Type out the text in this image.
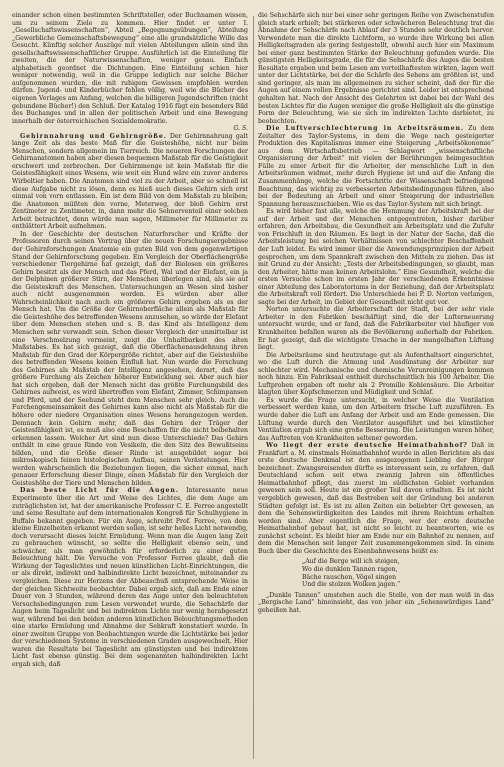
einander schon einen bestimmten Schriftsteller, oder Buchnamen wissen, um zu seinem Ziele zu kommen. Hier findet er unter I. „Gesellschaftswissenschaften“, Abteil „Begegnungsübungen“, Abteilung „Gewerbliche Gemeinschaftsbewegung“ eine alle grundsätzliche Wille das Gesucht. Künftig solcher Auszüge mit vielen Abteilungen allein sind ihn gesellschaftswissenschaftlicher Gruppe. Ausführlich ist die Einteilung für zweiten, die der Naturwissenschaften, weniger genau. Einfach alphabetisch geordnet die Dichtungen. Eine Einteilung schien hier weniger notwendig, weil in die Gruppe lediglich nur solche Bücher aufgenommen wurden, die mit ruhigem Gewissen empfohlen werden dürfen. Jugend- und Kinderbücher fehlen völlig, weil wie die Bücher des eigenen Verlages am Anfang, welchen die billigeren Jugendschriften (nicht gebundene Bücher!) den Schluß. Der Katalog 1916 fügt ein besonders Bild des Buchanges und in allen der politischen Arbeit und eine Bewegung innerhalb der österreichischen Sozialdemokratie.

G. S.

Gehirnnahrung und Gehirngröße. Der Gehirnnahrung galt lange Zeit als das beste Maß für die Geisteshöhe, nicht nur beim Menschen, sondern allgemein im Tierreich. Die neueren Forschungen der Gehirnanatomen haben aber diesen bequemen Maßstab für die Geistigkeit erschwert und zerbrochen. Der Gehirnmenge ist kein Maßstab für die Geistesfähigkeit eines Wesens, wie weit ein Hund wäre ein zuvor anderes Wirbeltier haben. Die Anatomen sind viel zu der Arbeit, aber so schnell ist diese Aufgabe nicht zu lösen, denn es hieß auch dieses Gehirn sich erst einmal von vorn entlassen. Ein ist dem Bild von dem Maßstab zu bleiben; die Anatomen müßten den vorne, Meterweg, der bloß Gehirn erst Zentimeter zu Zentimeter, in, dann mehr die Sehnerventeil einer solchen Arbeit betrachtet, denn würde man sagen, Millimeter für Millimeter zu entblättert Arbeit aufnehmen.

In der Geschichte der deutschen Naturforscher und Kräfte der Professoren durch seinen Vortrag über die neuen Forschungsergebnisse der Gehirnforschungen Anatomie ein guten Bild von dem gegenwärtigen Stand der Gehirnforschung gegeben. Ein Vergleich der Oberflächengröße verschiedener Tiergehirne hat gezeigt, daß der Biolosen ein größeres Gehirn besitzt als der Mensch und das Pferd, Wal und der Elefant, ein ja der Delphinen größerer Stirn, der Menschen überlegen sind, als sie auf die Geisteskraft des Menschen. Untersuchungen an Wesen sind bisher auch nicht ausgenommen worden. Es würden aber aller Wahrscheinlichkeit nach auch ein größeres Gehirn ergeben als es der Mensch hat. Um die Größe der Gehirnoberfläche allein als Maßstab für die Geisteshöhe des betreffenden Wesens anzusehen, so würde der Elefant über dem Menschen stehen und s. B. das Kind als Intelligenz dem Menschen sehr verwandt sein. Schon dieser Vergleich der unmittelbar ist eine Verschmelzung vermeint, zeigt die Unhaltbarkeit des alten Maßstabes. Es hat sich gezeigt, daß die Oberflächenausdehnung ihren Maßstab für den Grad der Körpergröße richtet, aber auf die Geisteshöhe des betreffenden Wesens keinen Einfluß hat. Nun wurde die Forschung des Gehirnes als Maßstab der Intelligenz angesehen, derart, daß das größere Furchung als Zeichen höherer Entwicklung sei. Aber auch hier hat sich ergeben, daß der Mensch nicht das größte Furchungsbild des Gehirnes aufweist, es wird übertroffen vom Elefant, Zimmer, Schimpansen und Pferd, und der Seehund steht dem Menschen sehr gleich. Auch die Furchengemeinsamkeit des Gehirnes kann also nicht als Maßstab für die höhere oder niedere Organisation eines Wesens herangezogen werden. Demnach kein Gehirn mehr, daß das Gehirn der Träger der Geistesfähigkeit ist, es muß also eine Beschaffen für die nicht beibehalten erkennen lassen. Welcher Art sind nun diese Unterschiede? Das Gehirn enthält in eine graue Rinde von Vesikeln, die den Sitz des Bewußtseins bilden, und die Größe dieser Rinde ist ausgebildet sogar bei mikroskopisch feinen histologischen Aufbau, seinen Verästelungen. Hier werden wahrscheinlich die Beziehungen liegen, die sicher einmal, nach genauer Erforschung dieser Dinge, einen Maßstab für den Vergleich der Geisteshöhe der Tiere und Menschen bilden.

Das beste Licht für die Augen. Interessante neue Experimente über die Art und Weise des Lichtes, die dem Auge am zuträglichsten ist, hat der amerikanische Professor C. E. Ferree angestellt und seine Resultate auf dem internationalen Kongreß für Schulhygiene in Buffalo bekannt gegeben. Für ein Auge, schreibt Prof. Ferree, von dem kleine Einzelheiten erkannt werden sollen, ist sehr helles Licht notwendig, doch verursacht dieses leicht Ermüdung. Wenn man die Augen lang Zeit zu gebrauchen wünscht, so sollte die Helligkeit ebenso sein, und schwächer, als man gewöhnlich für erforderlich zu einer guten Beleuchtung hält. Die Versuche von Professor Ferree glaubt, daß die Wirkung der Tageslichtes und neuen künstlichen Licht-Einrichtungen, die er als direkt, indirekt und halbindirekte Licht bezeichnet, miteinander zu vergleichen. Diese zur Herzens der Abbeaschuß entsprechende Weise in der gleichen Sichtweite beobachter. Dabei ergab sich, daß am Ende einer Dauer von 3 Stunden, während deren das Auge unter den beleuchteten Versuchsbedingungen zum Lesen verwendet wurde, die Sehschärfe der Augen beim Tageslicht und bei indirektem Lichte nur wenig herabgesetzt war, während bei den beiden anderen künstlichen Beleuchtungsmethoden eine starke Ermüdung und Abnahme der Sehkraft konstatiert wurde. In einer zweiten Gruppe von Beobachtungen wurde die Lichtstärke bei jeder der verschiedenen Systeme in verschiedenen Graden ausgewechselt. Hier waren die Resultate bei Tageslicht am günstigsten und bei indirektem Licht fast ebenso günstig. Bei dem sogenannten halbindirekten Licht ergab sich, daß

die Sehschärfe sich nur bei einer sehr geringen Reihe von Zwischenstufen gleich stark erhielt; bei stärkeren oder schwächeren Beleuchtung trat die Abnahme der Sehschärfe nach Ablauf der 3 Stunden sehr deutlich hervor. Verwendete man die direkte Lichtform, so wurde ihre Wirkung bei allen Helligkeitsgraden als gering festgestellt, obwohl auch hier ein Maximum bei einer ganz bestimmten Stärke der Beleuchtung gefunden wurde. Die günstigsten Helligkeitsgrade, die für die Sehschärfe des Auges die besten Resultate ergaben und beim Lesen am vorteilhaftesten wirkten, lagen weit unter der Lichtstärke, bei der die Schärfe des Sehens am größten ist, und sind geringer, als man im allgemeinen zu sicher scheint, daß der für die Augen auf einem vollen Ergebnisse gerichtet sind. Leider ist entsprechend gehalten hat. Nach der Ansicht des Gelehrten ist dabei bei der Wahl des besten Lichtes für die Augen weniger die große Helligkeit als die günstige Form der Beleuchtung, wie sie sich im indirekten Lichte darbietet, zu beobachten.

Die Luftverschlechterung in Arbeitsräumen. Zu dem Zeitalter des Taylor-Systems, in dem die Wege nach gesteigerter Produktion des Kapitalismus immer eine Steigerung „Arbeitsökonomie“ aus dem Wirtschaftsbetrieb — Schlagwort „wissenschaftliche Organisierung der Arbeit“ mit vielen der Berührungen heimgesuchten Fülle zu einer Arbeit für die Arbeiter, der menschliche Luft in den Arbeitsräumen widmet, mehr durch Hygiene ist und auf die Anfang die Zusammenhänge, welche die Fortschritte der Wissenschaft befriedigend Beachtung, das wichtig zu verbesserten Arbeitsbedingungen führen, also bei der Bedeutung an Arbeit und einer Steigerung der industriellen Spannung herauszuschieben. Wie es das Taylor-System mit sich bringt.

Es wird bisher fast alle, welche die Hemmung der Arbeitskraft bei der auf der Arbeit und der Menschen entgegentreten, bisher darüber erfahren, den Arbeitsbau, die Gesundheit am Arbeitsplatz und die Zufuhr von Frischluft in den Räumen. Es liegt in der Natur der Sache, daß die Arbeitsleistung bei solchen Verhältnissen von schlechter Beschaffenheit der Luft leidet. Es wird immer über die Anwendungsprinzipien der Arbeit gesprochen, um dem Spannkraft zwischen den Mitteln zu ziehen. Das ist mit Grund zu der Ansicht: „Tests der Arbeitsbedingungen, so glaubt, man den Arbeiter, hätte man keinen Arbeitslohn.“ Eine Gesundheit, welche die ersten Versuche schon im ersten Jahr der verschiedenen Erkenntnisse einer Abteilung des Laboratoriums in der Beziehung, daß der Arbeitsplatz die Arbeitskraft voll fördert. Die Unterschiede bei P. D. Norton verlangen, sagte bei der Arbeit, im Gebiet der Gesundheit nicht gut vor.

Norton untersuchte die Arbeiterschaft der Stadt, bei der sehr viele Arbeiter in den Fabriken beschäftigt sind, die der Lufterneuerung untersucht wurde, und er fand, daß die Fabrikarbeiter viel häufiger von Krankheiten befallen waren als die Bevölkerung außerhalb der Fabriken. Er hat gezeigt, daß die wichtigste Ursache in der mangelhaften Lüftung liegt.

Die Arbeitsräume sind heutzutage gut als Aufenthaltsort eingerichtet, wo die Luft durch die Atmung und Ausdünstung der Arbeiter nur schlechter wird. Mechanische und chemische Verunreinigungen kommen noch hinzu. Ein Fabriksaal enthielt durchschnittlich bis 100 Arbeiter. Die Luftproben ergaben oft mehr als 2 Promille Kohlensäure. Die Arbeiter klagten über Kopfschmerzen und Müdigkeit und Schlaf.

Es wurde die Frage untersucht, in welcher Weise die Ventilation verbessert werden kann, um den Arbeitern frische Luft zuzuführen. Es wurde daher die Luft am Anfang der Arbeit und am Ende gemessen. Die Lüftung wurde durch den Ventilator ausgeführt und bei künstlicher Ventilation ergab sich eine große Besserung. Die Leistungen waren höher, das Auftreten von Krankheiten seltener geworden.

Wo liegt der erste deutsche Heimatbahnhof? Daß in Frankfurt a. M. einstmals Heimatbahnhof wurde in allen Berichten als das erste deutsche Denkmal ist den ausgezogenen Liebling der Bürger bezeichnet. Zwangsreisenden dürfte es interessant sein, zu erfahren, daß Deutschland schon seit etwa zwanzig Jahren ein öffentliches Heimatbahnhof pflegt, das zuerst im südlichsten Gebiet vorhanden gewesen sein soll. Heute ist ein großer Teil davon erhalten. Es ist nicht vergeblich gewesen, daß das Bestreben seit der Gründung bei anderen Städten gefolgt ist. Es ist zu allen Zeiten ein beliebter Ort gewesen, an dem die Sehenswürdigkeiten des Landes mit ihrem Reichtum erhalten worden sind. Aber eigentlich die Frage, wer der erste deutsche Heimatbahnhof gebaut hat, ist nicht so leicht zu beantworten, wie es zunächst scheint. Es bleibt hier am Ende nur ein Bahnhof zu nennen, auf dem die Menschen seit langer Zeit zusammengekommen sind. In einem Buch über die Geschichte des Eisenbahnwesens heißt es:

„Auf die Berge will ich steigen,
Wo die dunklen Tannen ragen,
Bäche rauschen, Vögel singen
Und die stolzen Wolken jagen.“

„Dunkle Tannen“ umstehen auch die Stelle, von der man weiß in das „Bergische Land“ hineinsieht, das von jeher ein „Sehenswürdiges Land“ geheißen hat.
